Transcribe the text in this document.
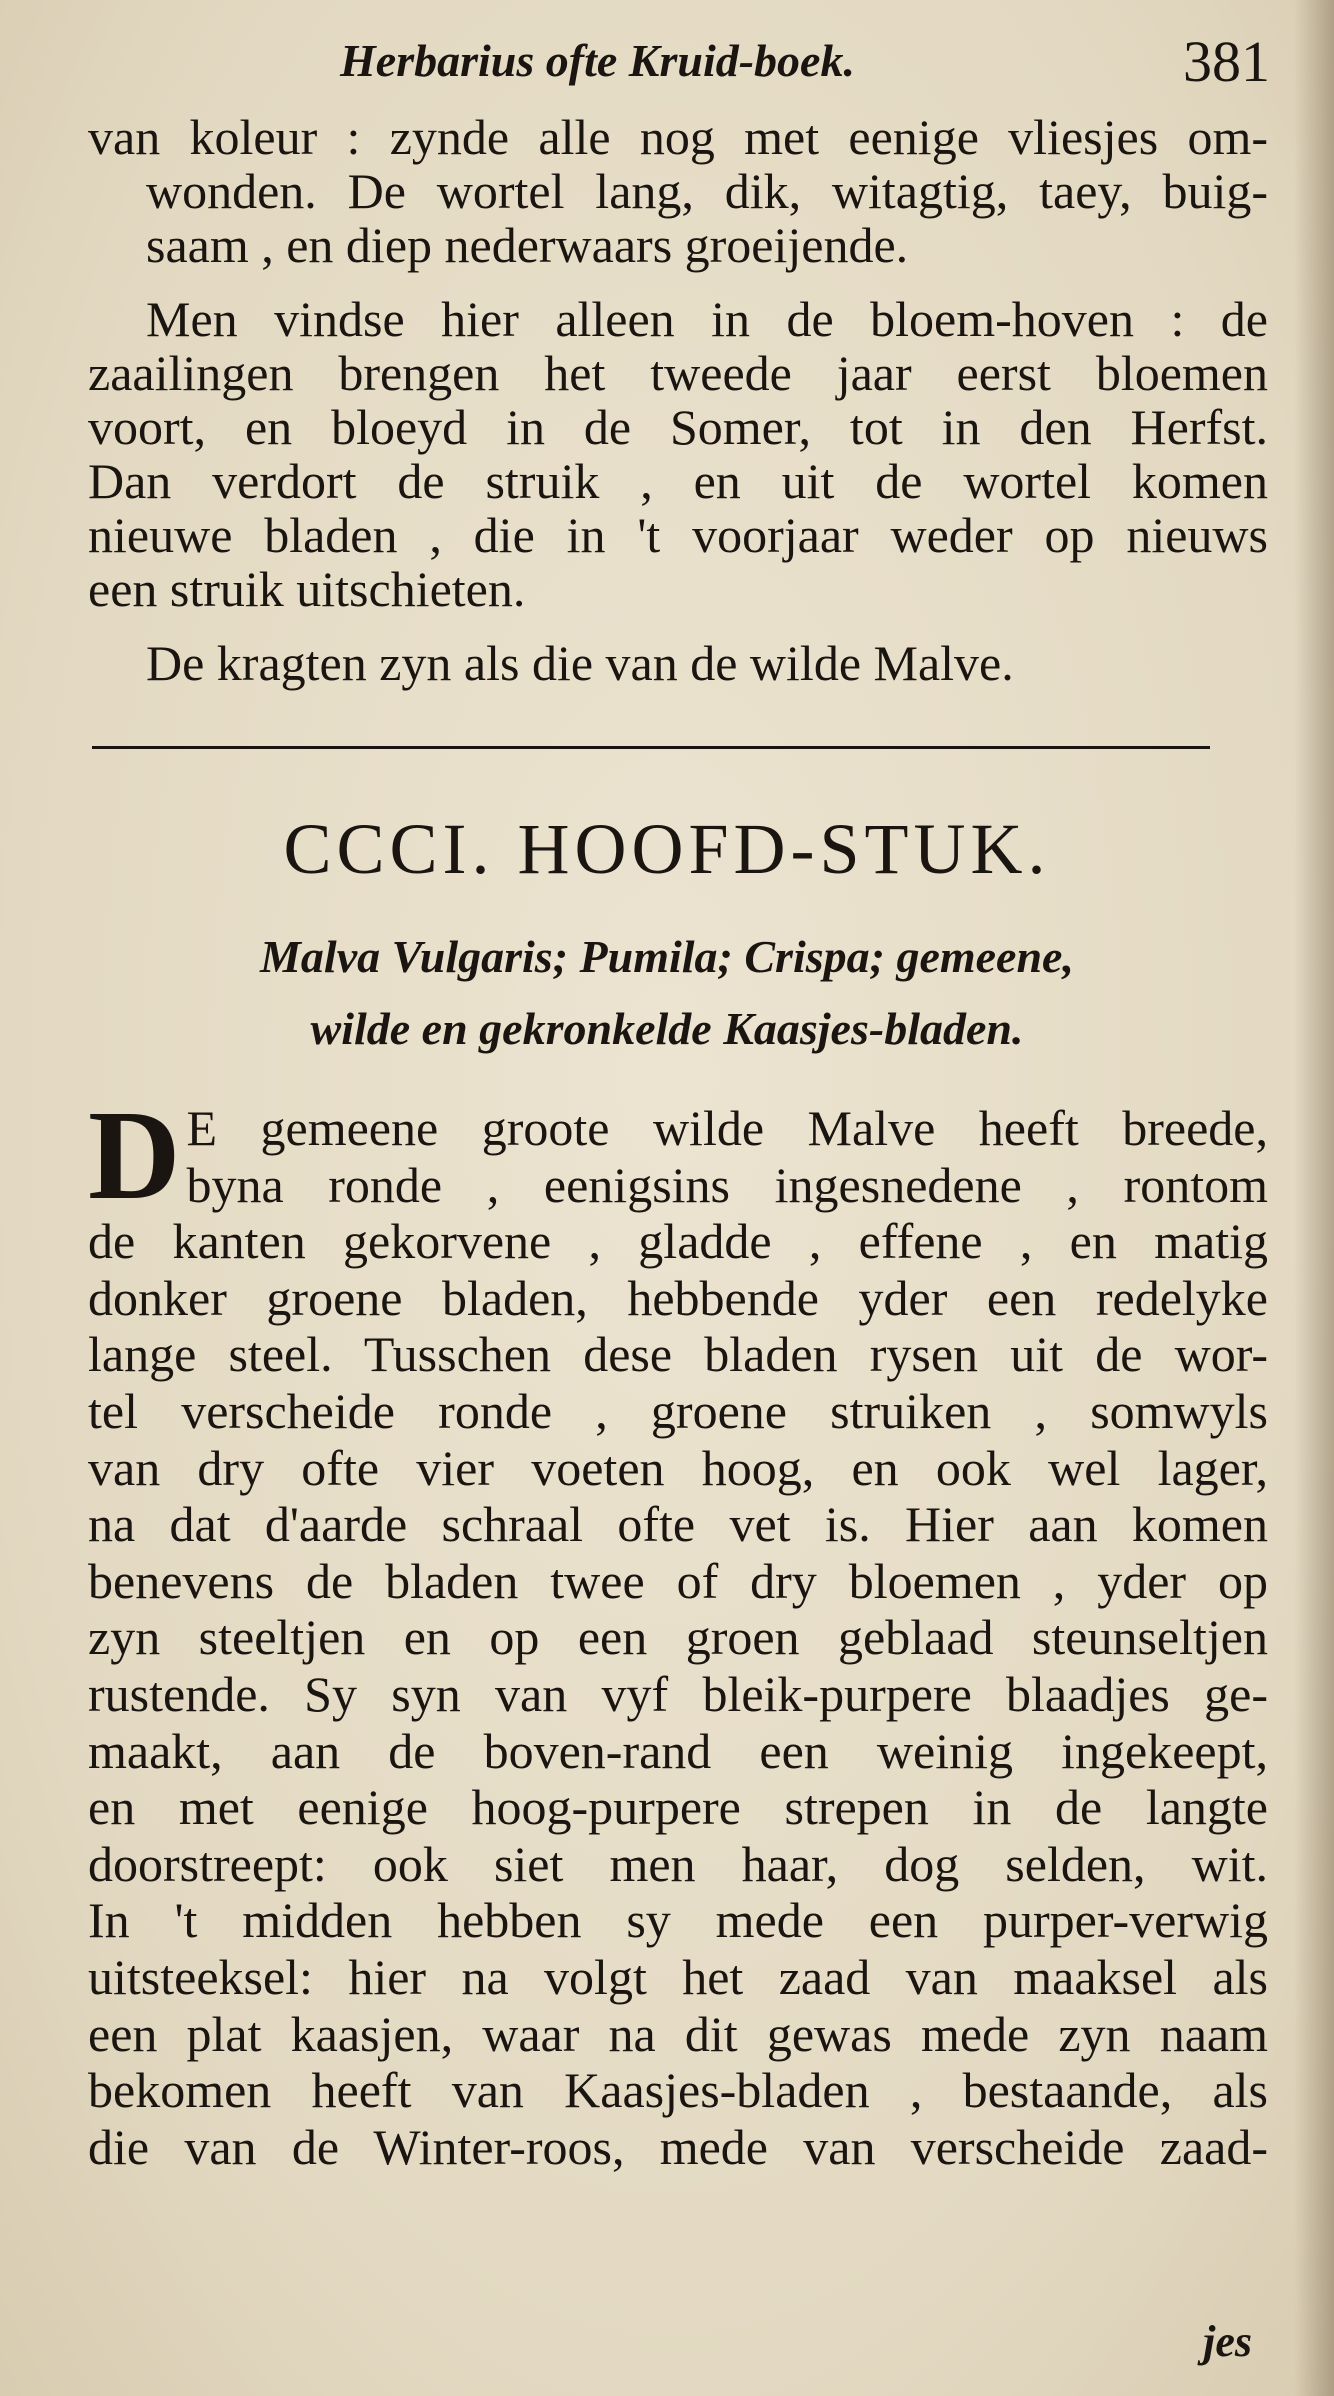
Herbarius ofte Kruid-boek.	381
van koleur : zynde alle nog met eenige vliesjes om-
wonden. De wortel lang, dik, witagtig, taey, buig-
saam , en diep nederwaars groeijende.
Men vindse hier alleen in de bloem-hoven : de
zaailingen brengen het tweede jaar eerst bloemen
voort, en bloeyd in de Somer, tot in den Herfst.
Dan verdort de struik , en uit de wortel komen
nieuwe bladen , die in 't voorjaar weder op nieuws
een struik uitschieten.
De kragten zyn als die van de wilde Malve.
CCCI. HOOFD-STUK.
Malva Vulgaris; Pumila; Crispa; gemeene,
wilde en gekronkelde Kaasjes-bladen.
D E gemeene groote wilde Malve heeft breede,
byna ronde , eenigsins ingesnedene , rontom
de kanten gekorvene , gladde , effene , en matig
donker groene bladen, hebbende yder een redelyke
lange steel. Tusschen dese bladen rysen uit de wor-
tel verscheide ronde , groene struiken , somwyls
van dry ofte vier voeten hoog, en ook wel lager,
na dat d'aarde schraal ofte vet is. Hier aan komen
benevens de bladen twee of dry bloemen , yder op
zyn steeltjen en op een groen geblaad steunseltjen
rustende. Sy syn van vyf bleik-purpere blaadjes ge-
maakt, aan de boven-rand een weinig ingekeept,
en met eenige hoog-purpere strepen in de langte
doorstreept: ook siet men haar, dog selden, wit.
In 't midden hebben sy mede een purper-verwig
uitsteeksel: hier na volgt het zaad van maaksel als
een plat kaasjen, waar na dit gewas mede zyn naam
bekomen heeft van Kaasjes-bladen , bestaande, als
die van de Winter-roos, mede van verscheide zaad-
jes
